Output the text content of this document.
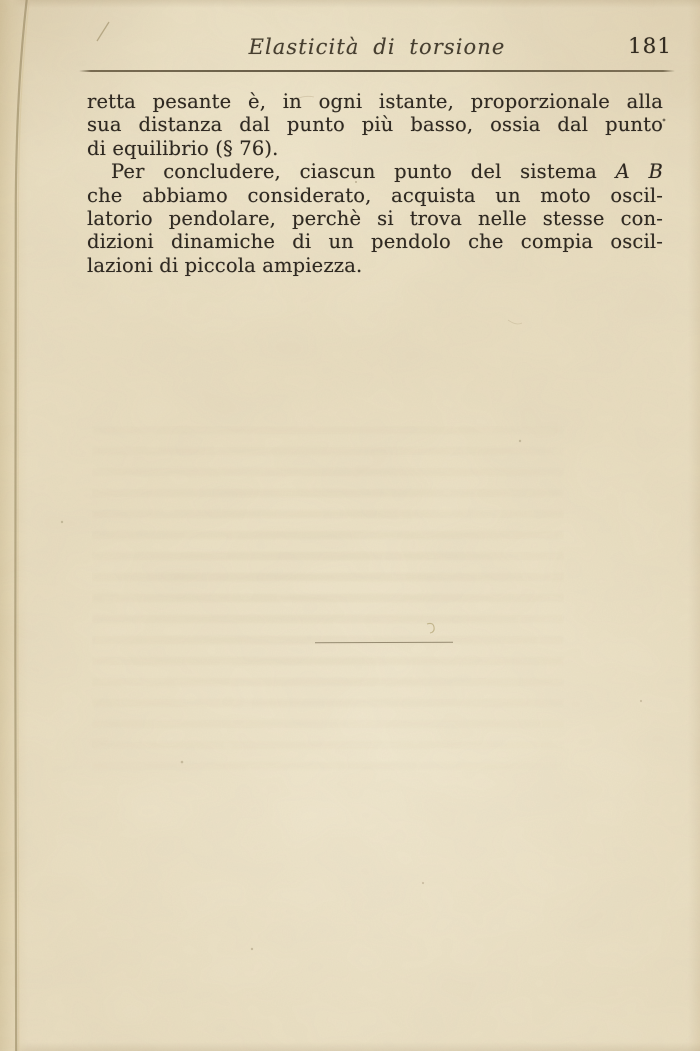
Elasticità di torsione	181
retta pesante è, in ogni istante, proporzionale alla
sua distanza dal punto più basso, ossia dal punto
di equilibrio (§ 76).
Per concludere, ciascun punto del sistema A B
che abbiamo considerato, acquista un moto oscil-
latorio pendolare, perchè si trova nelle stesse con-
dizioni dinamiche di un pendolo che compia oscil-
lazioni di piccola ampiezza.
